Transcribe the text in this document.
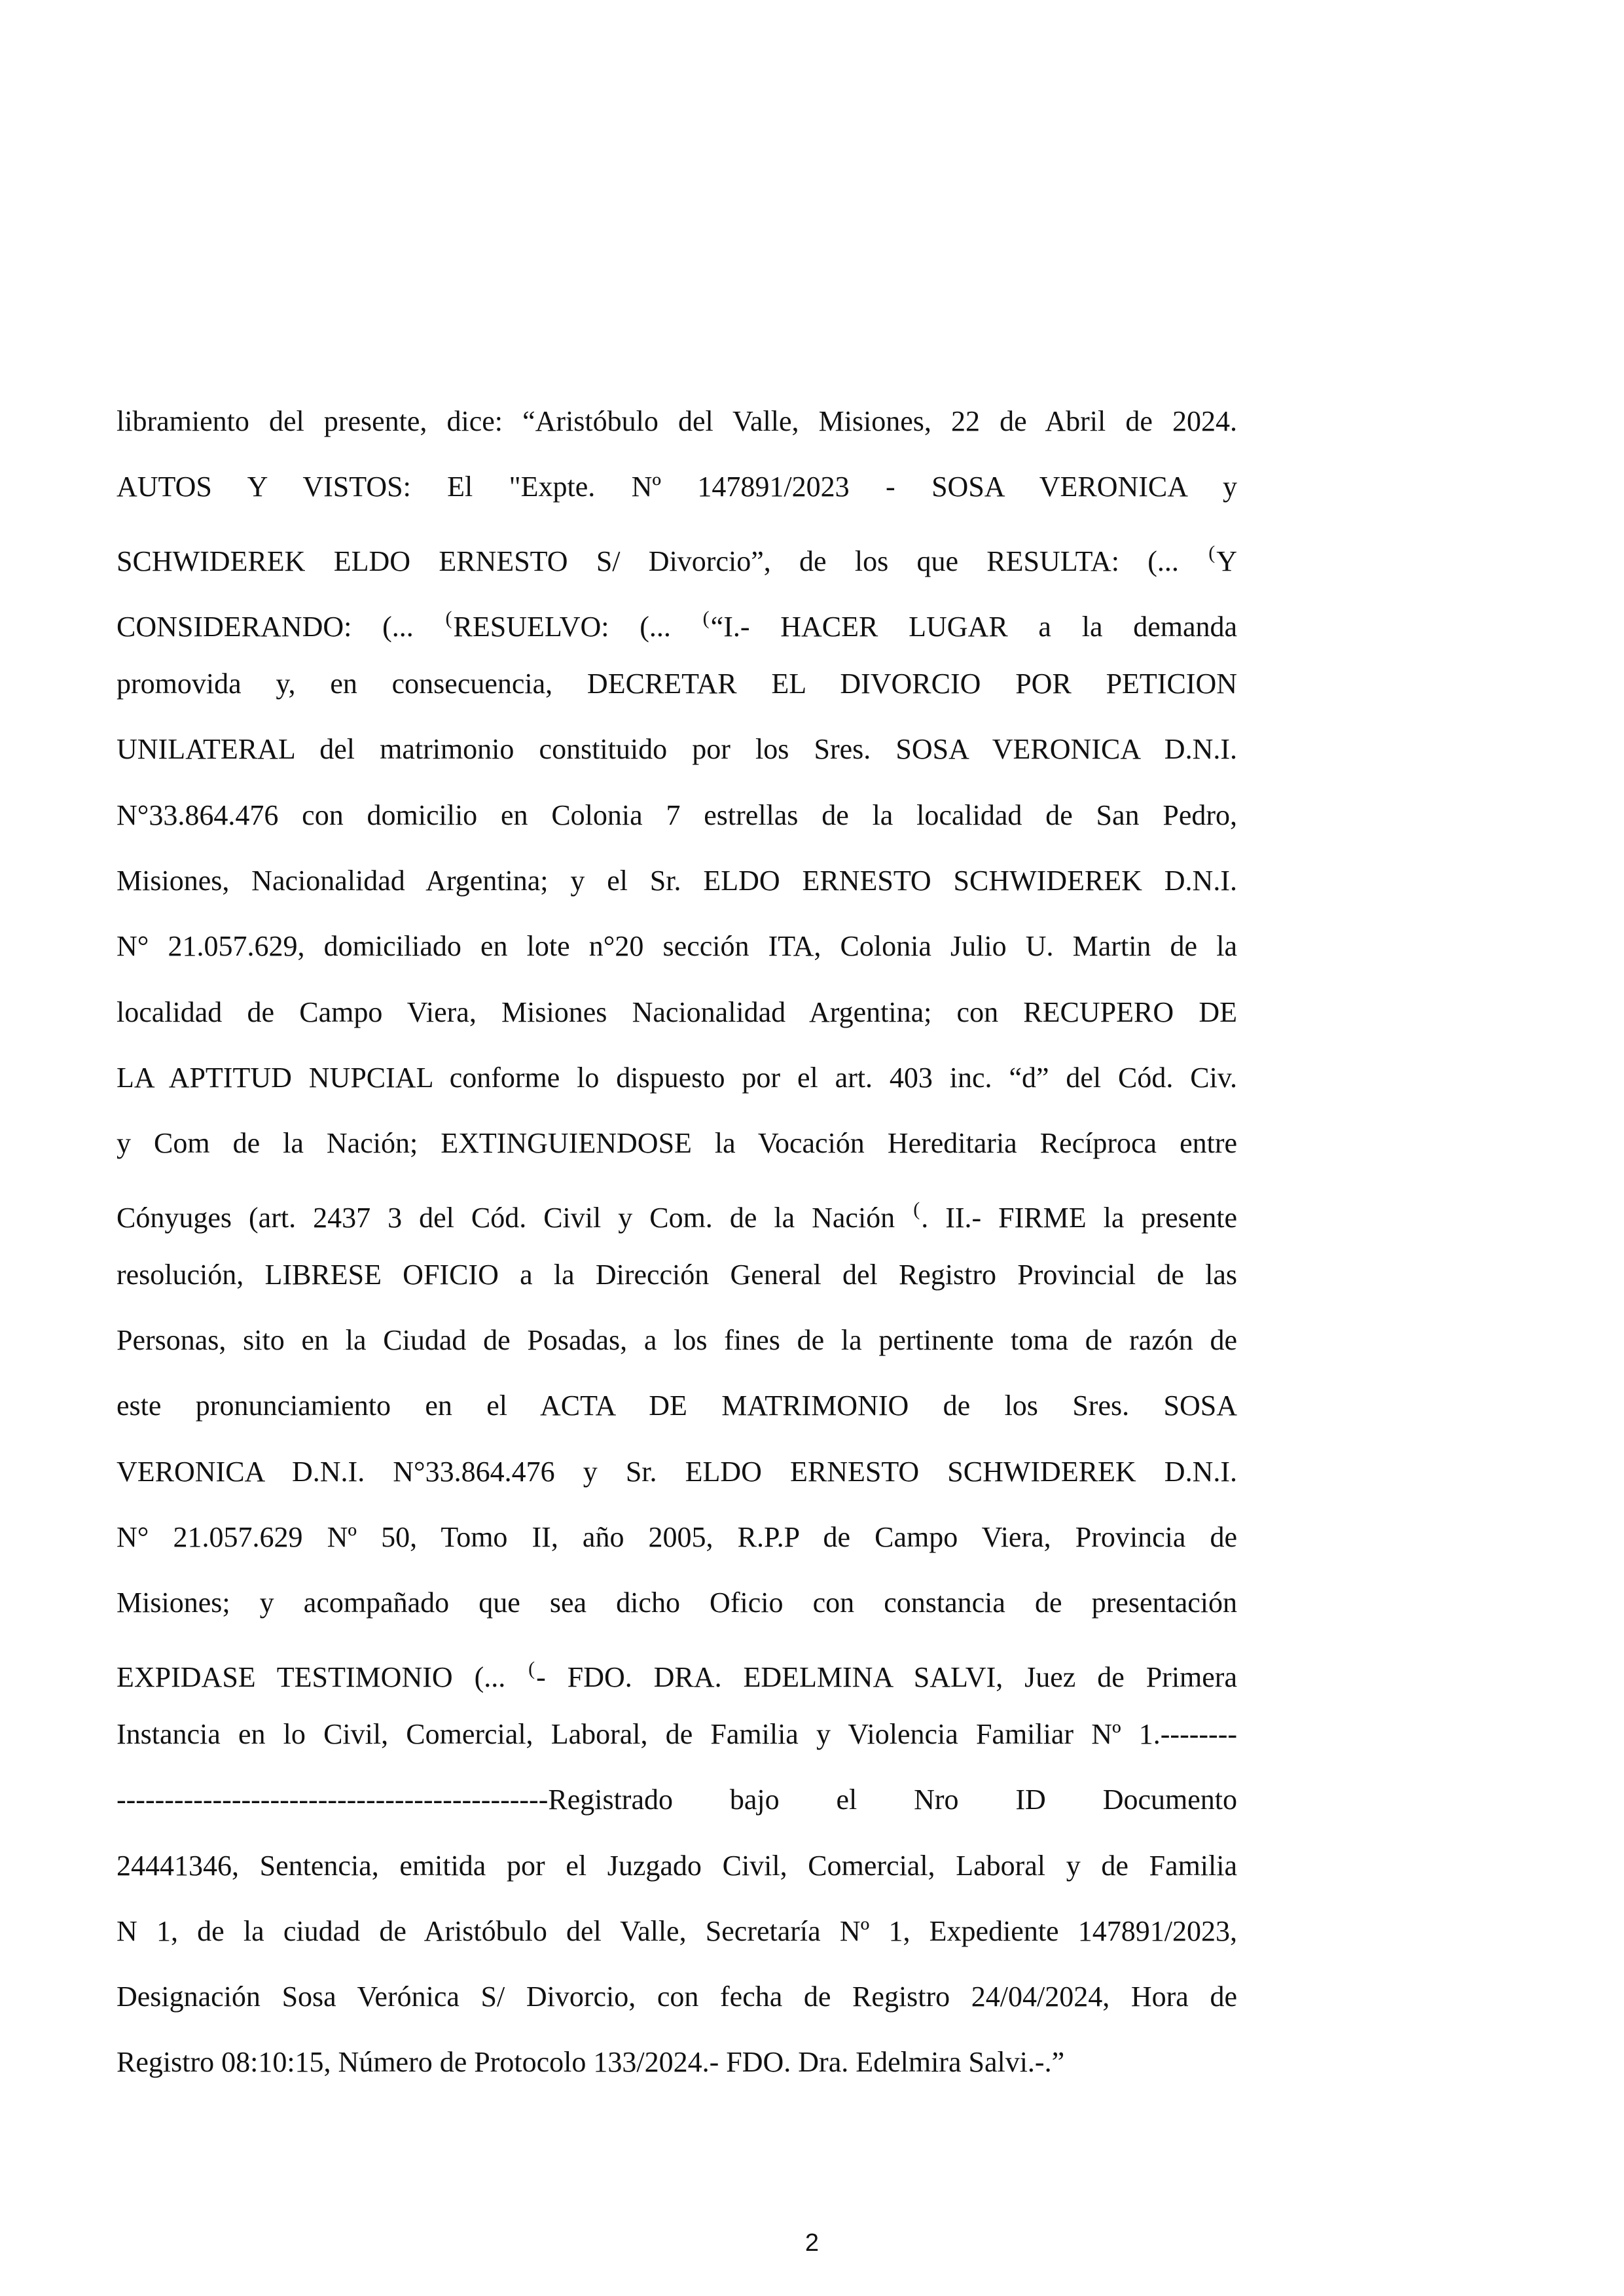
libramiento del presente, dice: “Aristóbulo del Valle, Misiones, 22 de Abril de 2024.
AUTOS Y VISTOS: El "Expte. Nº 147891/2023 - SOSA VERONICA y
SCHWIDEREK ELDO ERNESTO S/ Divorcio”, de los que RESULTA: (... (Y
CONSIDERANDO: (... (RESUELVO: (... (“I.- HACER LUGAR a la demanda
promovida y, en consecuencia, DECRETAR EL DIVORCIO POR PETICION
UNILATERAL del matrimonio constituido por los Sres. SOSA VERONICA D.N.I.
N°33.864.476 con domicilio en Colonia 7 estrellas de la localidad de San Pedro,
Misiones, Nacionalidad Argentina; y el Sr. ELDO ERNESTO SCHWIDEREK D.N.I.
N° 21.057.629, domiciliado en lote n°20 sección ITA, Colonia Julio U. Martin de la
localidad de Campo Viera, Misiones Nacionalidad Argentina; con RECUPERO DE
LA APTITUD NUPCIAL conforme lo dispuesto por el art. 403 inc. “d” del Cód. Civ.
y Com de la Nación; EXTINGUIENDOSE la Vocación Hereditaria Recíproca entre
Cónyuges (art. 2437 3 del Cód. Civil y Com. de la Nación (. II.- FIRME la presente
resolución, LIBRESE OFICIO a la Dirección General del Registro Provincial de las
Personas, sito en la Ciudad de Posadas, a los fines de la pertinente toma de razón de
este pronunciamiento en el ACTA DE MATRIMONIO de los Sres. SOSA
VERONICA D.N.I. N°33.864.476 y Sr. ELDO ERNESTO SCHWIDEREK D.N.I.
N° 21.057.629 Nº 50, Tomo II, año 2005, R.P.P de Campo Viera, Provincia de
Misiones; y acompañado que sea dicho Oficio con constancia de presentación
EXPIDASE TESTIMONIO (... (- FDO. DRA. EDELMINA SALVI, Juez de Primera
Instancia en lo Civil, Comercial, Laboral, de Familia y Violencia Familiar Nº 1.--------
---------------------------------------------Registrado bajo el Nro ID Documento
24441346, Sentencia, emitida por el Juzgado Civil, Comercial, Laboral y de Familia
N 1, de la ciudad de Aristóbulo del Valle, Secretaría Nº 1, Expediente 147891/2023,
Designación Sosa Verónica S/ Divorcio, con fecha de Registro 24/04/2024, Hora de
Registro 08:10:15, Número de Protocolo 133/2024.- FDO. Dra. Edelmira Salvi.-.”
2
